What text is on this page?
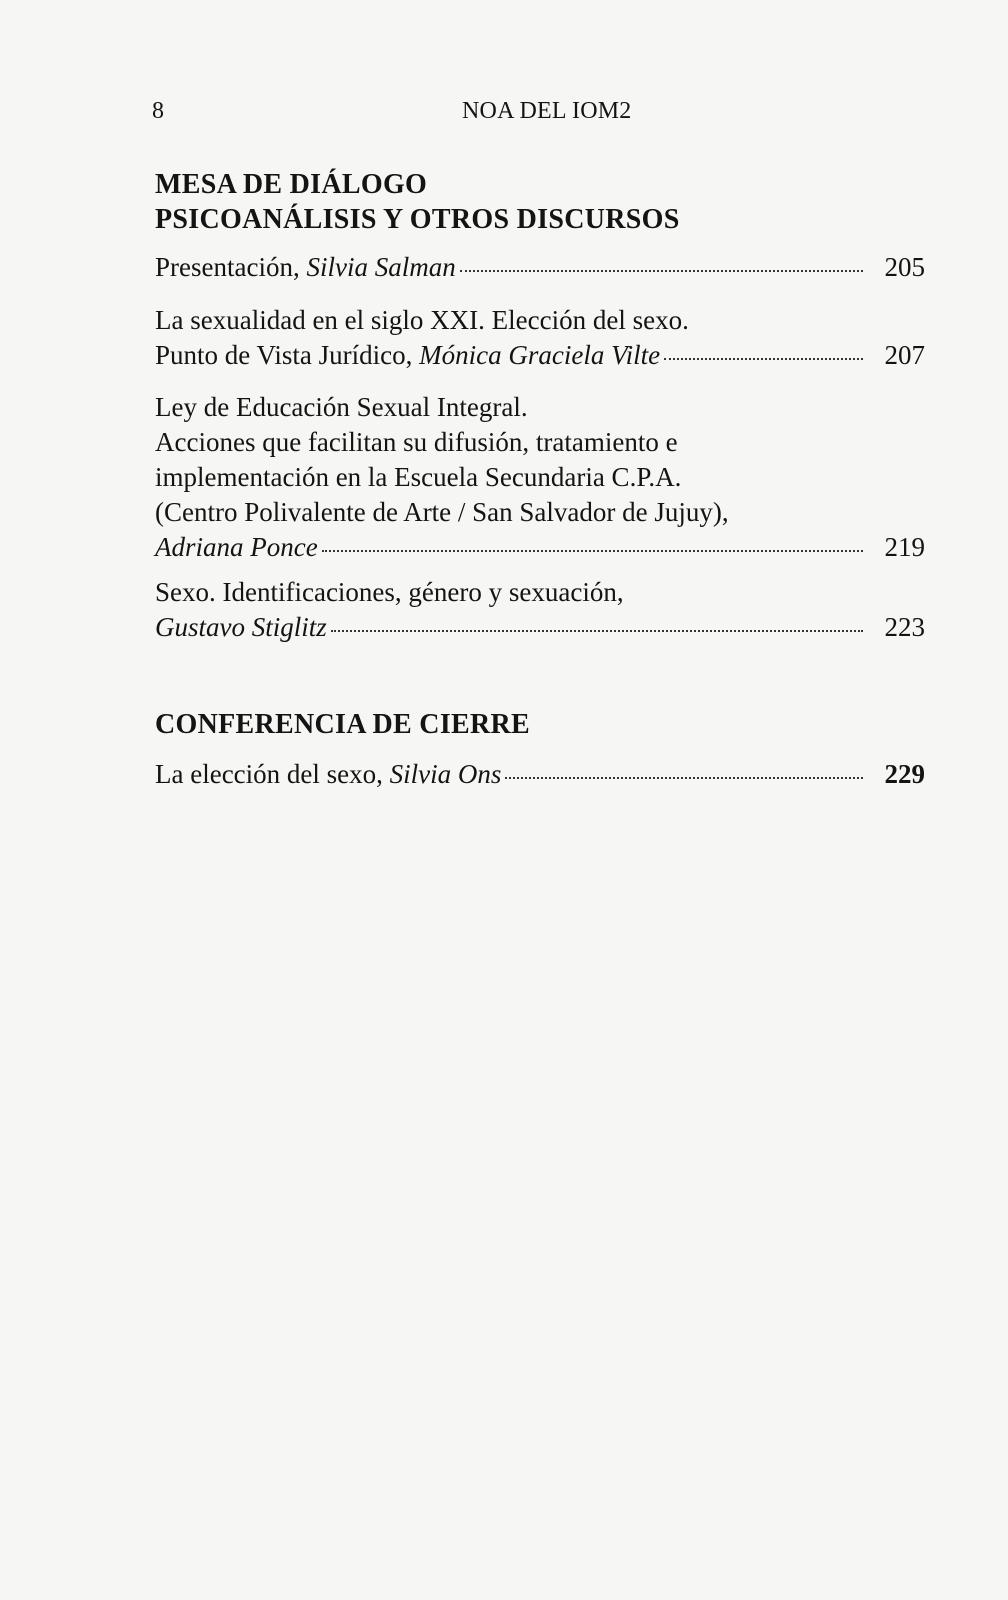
8	NOA DEL IOM2
MESA DE DIÁLOGO
PSICOANÁLISIS Y OTROS DISCURSOS
Presentación, Silvia Salman	205
La sexualidad en el siglo XXI. Elección del sexo.
Punto de Vista Jurídico, Mónica Graciela Vilte	207
Ley de Educación Sexual Integral.
Acciones que facilitan su difusión, tratamiento e
implementación en la Escuela Secundaria C.P.A.
(Centro Polivalente de Arte / San Salvador de Jujuy),
Adriana Ponce	219
Sexo. Identificaciones, género y sexuación,
Gustavo Stiglitz	223
CONFERENCIA DE CIERRE
La elección del sexo, Silvia Ons	229
